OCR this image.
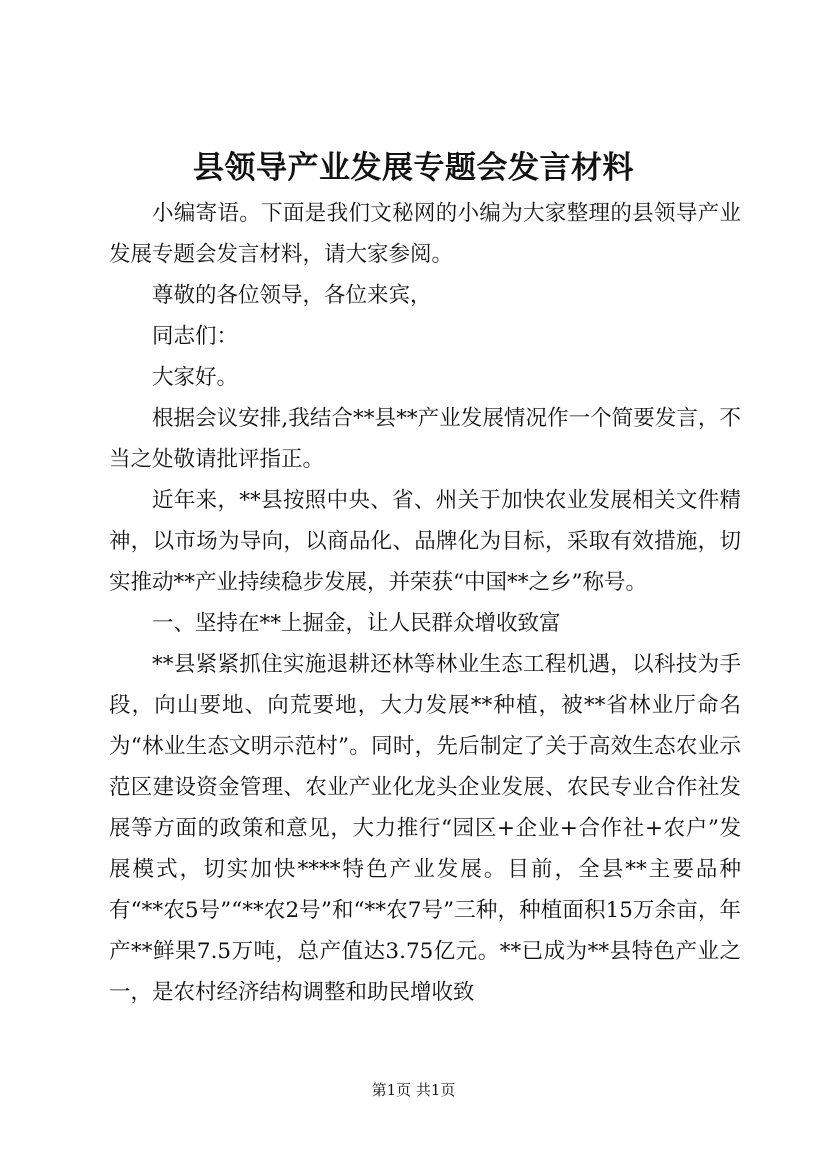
县领导产业发展专题会发言材料

小编寄语。下面是我们文秘网的小编为大家整理的县领导产业发展专题会发言材料，请大家参阅。

尊敬的各位领导，各位来宾，

同志们：

大家好。

根据会议安排,我结合**县**产业发展情况作一个简要发言，不当之处敬请批评指正。

近年来，**县按照中央、省、州关于加快农业发展相关文件精神，以市场为导向，以商品化、品牌化为目标，采取有效措施，切实推动**产业持续稳步发展，并荣获“中国**之乡”称号。

一、坚持在**上掘金，让人民群众增收致富

**县紧紧抓住实施退耕还林等林业生态工程机遇，以科技为手段，向山要地、向荒要地，大力发展**种植，被**省林业厅命名为“林业生态文明示范村”。同时，先后制定了关于高效生态农业示范区建设资金管理、农业产业化龙头企业发展、农民专业合作社发展等方面的政策和意见，大力推行“园区+企业+合作社+农户”发展模式，切实加快****特色产业发展。目前，全县**主要品种有“**农5号”“**农2号”和“**农7号”三种，种植面积15万余亩，年产**鲜果7.5万吨，总产值达3.75亿元。**已成为**县特色产业之一，是农村经济结构调整和助民增收致

第1页 共1页
